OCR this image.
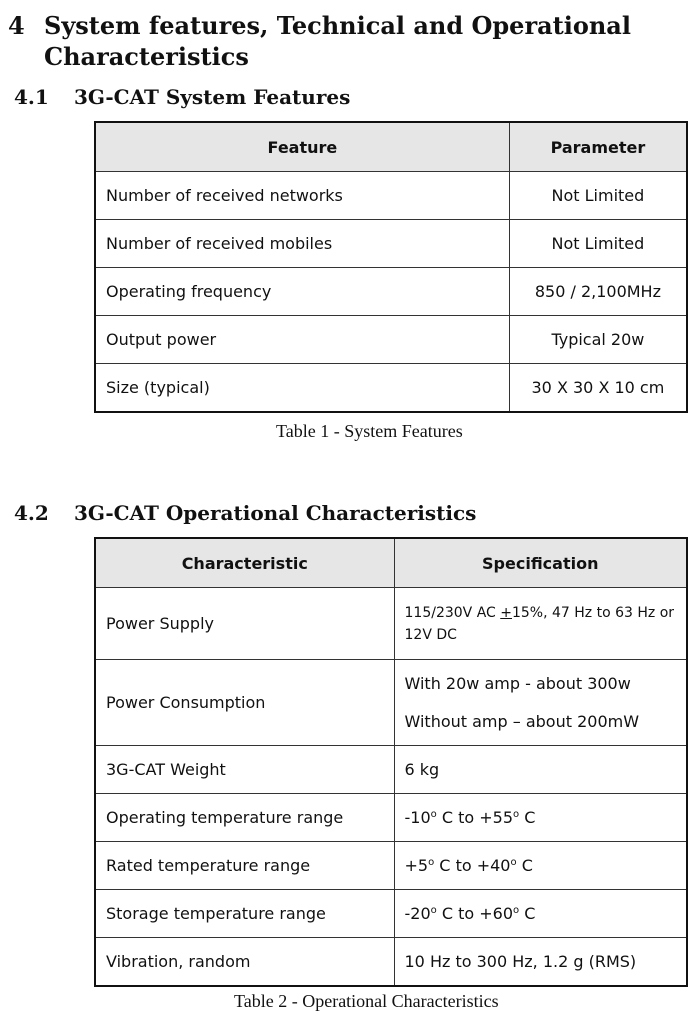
4 System features, Technical and Operational Characteristics
4.1	3G-CAT System Features
Feature	Parameter
Number of received networks	Not Limited
Number of received mobiles	Not Limited
Operating frequency	850 / 2,100MHz
Output power	Typical 20w
Size (typical)	30 X 30 X 10 cm
Table 1 - System Features
4.2	3G-CAT Operational Characteristics
Characteristic	Specification
Power Supply	115/230V AC +15%, 47 Hz to 63 Hz or 12V DC
Power Consumption	With 20w amp - about 300w
Without amp – about 200mW

3G-CAT Weight	6 kg
Operating temperature range	-10$^o$ C to $+55^o$ C
Rated temperature range	$+5^o$ C to $+40^o$ C
Storage temperature range	-20$^o$ C to $+60^o$ C
Vibration, random	10 Hz to 300 Hz, 1.2 g (RMS)
Table 2 - Operational Characteristics
